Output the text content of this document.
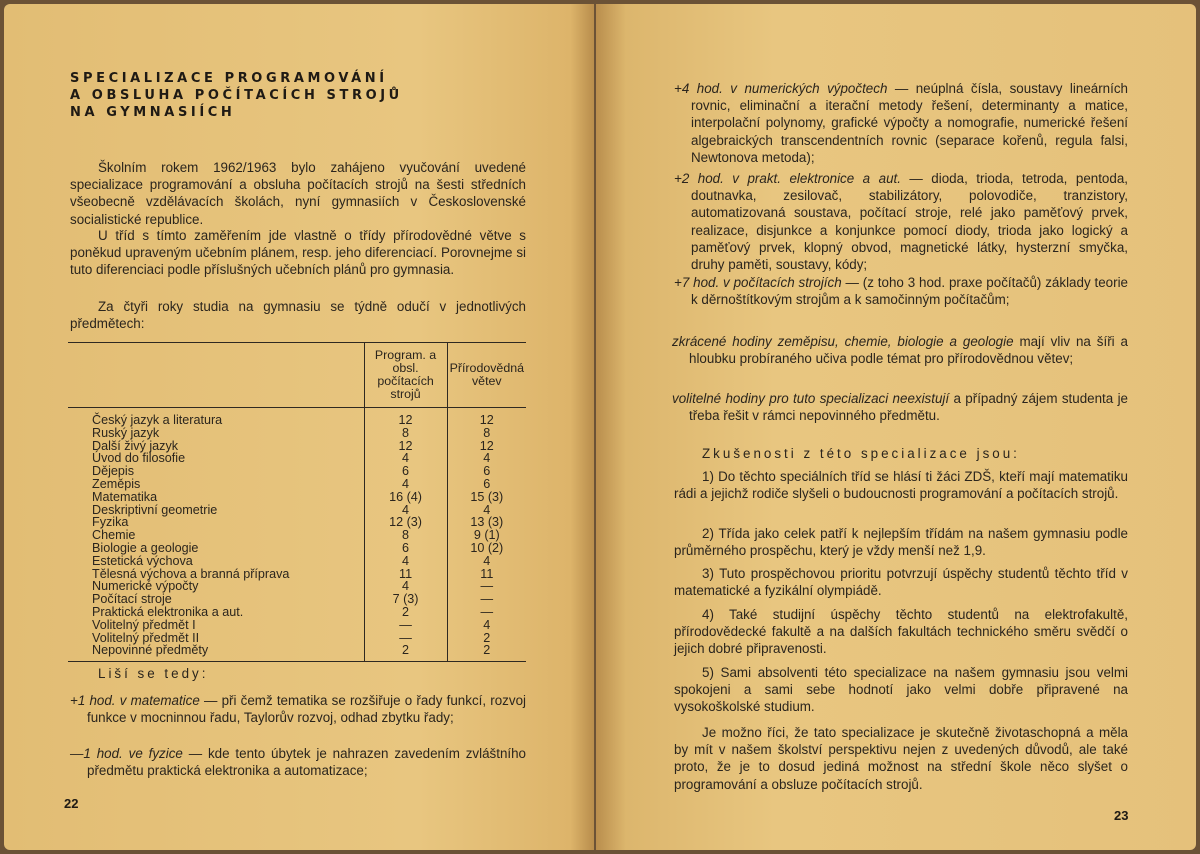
SPECIALIZACE PROGRAMOVÁNÍ
A OBSLUHA POČÍTACÍCH STROJŮ
NA GYMNASIÍCH

Školním rokem 1962/1963 bylo zahájeno vyučování uvedené specializace programování a obsluha počítacích strojů na šesti středních všeobecně vzdělávacích školách, nyní gymnasiích v Československé socialistické republice.

U tříd s tímto zaměřením jde vlastně o třídy přírodovědné větve s poněkud upraveným učebním plánem, resp. jeho diferenciací. Porovnejme si tuto diferenciaci podle příslušných učebních plánů pro gymnasia.

Za čtyři roky studia na gymnasiu se týdně odučí v jednotlivých předmětech:

	Program. a obsl. počítacích strojů	Přírodovědná větev
Český jazyk a literatura	12	12
Ruský jazyk	8	8
Další živý jazyk	12	12
Úvod do filosofie	4	4
Dějepis	6	6
Zeměpis	4	6
Matematika	16 (4)	15 (3)
Deskriptivní geometrie	4	4
Fyzika	12 (3)	13 (3)
Chemie	8	9 (1)
Biologie a geologie	6	10 (2)
Estetická výchova	4	4
Tělesná výchova a branná příprava	11	11
Numerické výpočty	4	—
Počítací stroje	7 (3)	—
Praktická elektronika a aut.	2	—
Volitelný předmět I	—	4
Volitelný předmět II	—	2
Nepovinné předměty	2	2

Liší se tedy:

+1 hod. v matematice — při čemž tematika se rozšiřuje o řady funkcí, rozvoj funkce v mocninnou řadu, Taylorův rozvoj, odhad zbytku řady;

—1 hod. ve fyzice — kde tento úbytek je nahrazen zavedením zvláštního předmětu praktická elektronika a automatizace;

22

+4 hod. v numerických výpočtech — neúplná čísla, soustavy lineárních rovnic, eliminační a iterační metody řešení, determinanty a matice, interpolační polynomy, grafické výpočty a nomografie, numerické řešení algebraických transcendentních rovnic (separace kořenů, regula falsi, Newtonova metoda);

+2 hod. v prakt. elektronice a aut. — dioda, trioda, tetroda, pentoda, doutnavka, zesilovač, stabilizátory, polovodiče, tranzistory, automatizovaná soustava, počítací stroje, relé jako paměťový prvek, realizace, disjunkce a konjunkce pomocí diody, trioda jako logický a paměťový prvek, klopný obvod, magnetické látky, hysterzní smyčka, druhy paměti, soustavy, kódy;

+7 hod. v počítacích strojích — (z toho 3 hod. praxe počítačů) základy teorie k děrnoštítkovým strojům a k samočinným počítačům;

zkrácené hodiny zeměpisu, chemie, biologie a geologie mají vliv na šíři a hloubku probíraného učiva podle témat pro přírodovědnou větev;

volitelné hodiny pro tuto specializaci neexistují a případný zájem studenta je třeba řešit v rámci nepovinného předmětu.

Zkušenosti z této specializace jsou:

1) Do těchto speciálních tříd se hlásí ti žáci ZDŠ, kteří mají matematiku rádi a jejichž rodiče slyšeli o budoucnosti programování a počítacích strojů.

2) Třída jako celek patří k nejlepším třídám na našem gymnasiu podle průměrného prospěchu, který je vždy menší než 1,9.

3) Tuto prospěchovou prioritu potvrzují úspěchy studentů těchto tříd v matematické a fyzikální olympiádě.

4) Také studijní úspěchy těchto studentů na elektrofakultě, přírodovědecké fakultě a na dalších fakultách technického směru svědčí o jejich dobré připravenosti.

5) Sami absolventi této specializace na našem gymnasiu jsou velmi spokojeni a sami sebe hodnotí jako velmi dobře připravené na vysokoškolské studium.

Je možno říci, že tato specializace je skutečně životaschopná a měla by mít v našem školství perspektivu nejen z uvedených důvodů, ale také proto, že je to dosud jediná možnost na střední škole něco slyšet o programování a obsluze počítacích strojů.

23
